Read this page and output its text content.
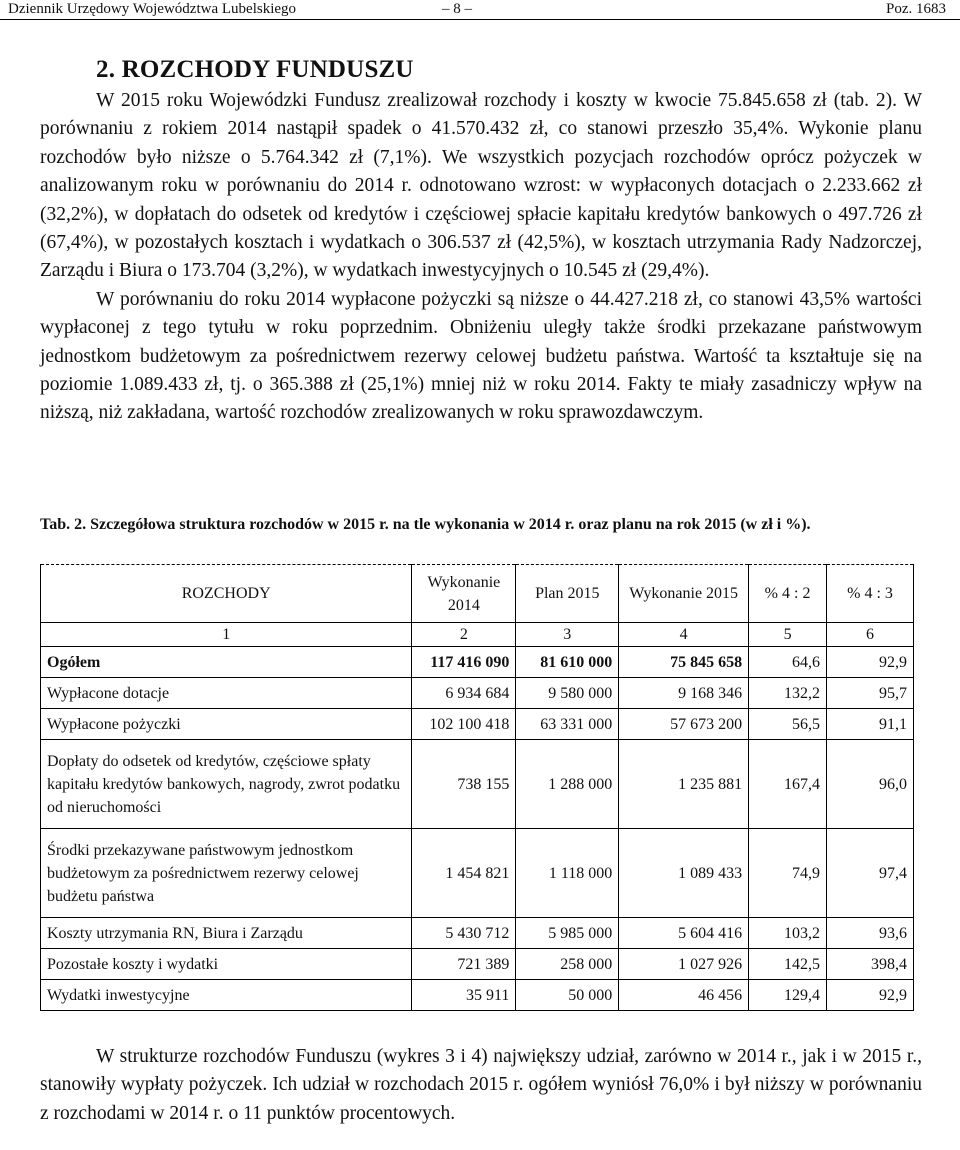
Dziennik Urzędowy Województwa Lubelskiego	– 8 –	Poz. 1683
2. ROZCHODY FUNDUSZU

W 2015 roku Wojewódzki Fundusz zrealizował rozchody i koszty w kwocie 75.845.658 zł (tab. 2). W porównaniu z rokiem 2014 nastąpił spadek o 41.570.432 zł, co stanowi przeszło 35,4%. Wykonie planu rozchodów było niższe o 5.764.342 zł (7,1%). We wszystkich pozycjach rozchodów oprócz pożyczek w analizowanym roku w porównaniu do 2014 r. odnotowano wzrost: w wypłaconych dotacjach o 2.233.662 zł (32,2%), w dopłatach do odsetek od kredytów i częściowej spłacie kapitału kredytów bankowych o 497.726 zł (67,4%), w pozostałych kosztach i wydatkach o 306.537 zł (42,5%), w kosztach utrzymania Rady Nadzorczej, Zarządu i Biura o 173.704 (3,2%), w wydatkach inwestycyjnych o 10.545 zł (29,4%).

W porównaniu do roku 2014 wypłacone pożyczki są niższe o 44.427.218 zł, co stanowi 43,5% wartości wypłaconej z tego tytułu w roku poprzednim. Obniżeniu uległy także środki przekazane państwowym jednostkom budżetowym za pośrednictwem rezerwy celowej budżetu państwa. Wartość ta kształtuje się na poziomie 1.089.433 zł, tj. o 365.388 zł (25,1%) mniej niż w roku 2014. Fakty te miały zasadniczy wpływ na niższą, niż zakładana, wartość rozchodów zrealizowanych w roku sprawozdawczym.

Tab. 2. Szczegółowa struktura rozchodów w 2015 r. na tle wykonania w 2014 r. oraz planu na rok 2015 (w zł i %).
ROZCHODY	Wykonanie 2014	Plan 2015	Wykonanie 2015	% 4 : 2	% 4 : 3
1	2	3	4	5	6
Ogółem	117 416 090	81 610 000	75 845 658	64,6	92,9
Wypłacone dotacje	6 934 684	9 580 000	9 168 346	132,2	95,7
Wypłacone pożyczki	102 100 418	63 331 000	57 673 200	56,5	91,1
Dopłaty do odsetek od kredytów, częściowe spłaty kapitału kredytów bankowych, nagrody, zwrot podatku od nieruchomości	738 155	1 288 000	1 235 881	167,4	96,0
Środki przekazywane państwowym jednostkom budżetowym za pośrednictwem rezerwy celowej budżetu państwa	1 454 821	1 118 000	1 089 433	74,9	97,4
Koszty utrzymania RN, Biura i Zarządu	5 430 712	5 985 000	5 604 416	103,2	93,6
Pozostałe koszty i wydatki	721 389	258 000	1 027 926	142,5	398,4
Wydatki inwestycyjne	35 911	50 000	46 456	129,4	92,9

W strukturze rozchodów Funduszu (wykres 3 i 4) największy udział, zarówno w 2014 r., jak i w 2015 r., stanowiły wypłaty pożyczek. Ich udział w rozchodach 2015 r. ogółem wyniósł 76,0% i był niższy w porównaniu z rozchodami w 2014 r. o 11 punktów procentowych.
